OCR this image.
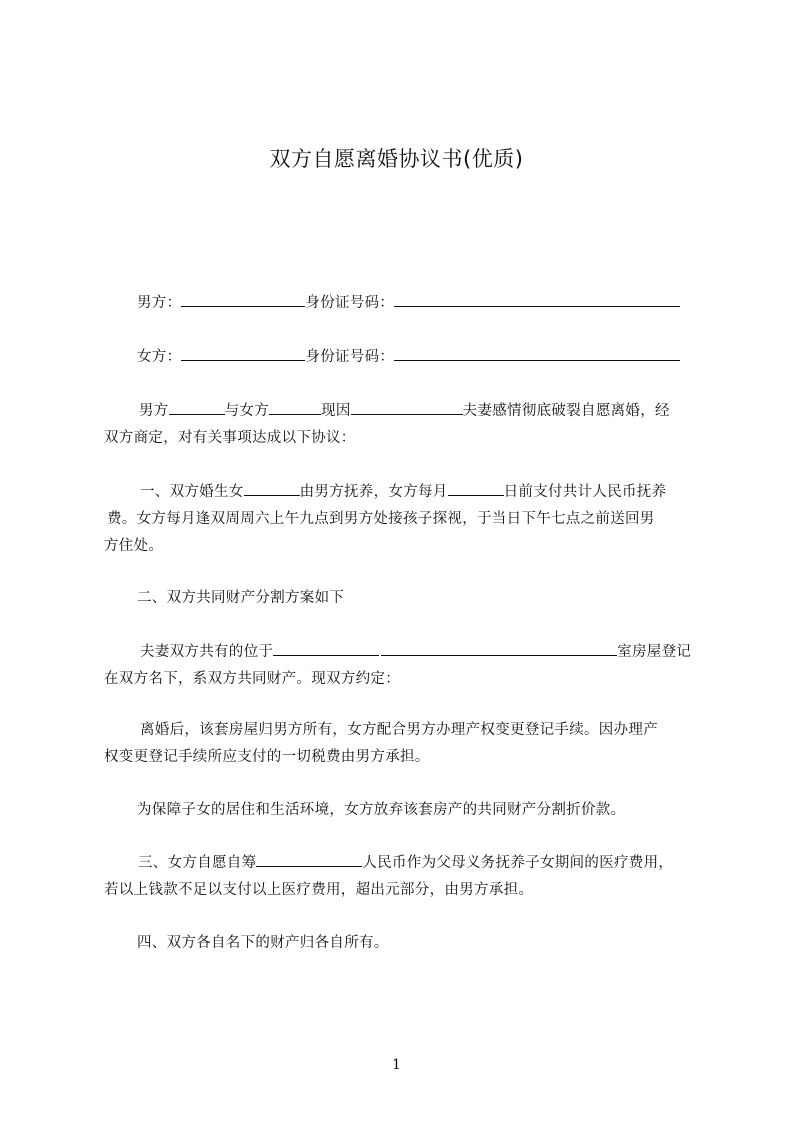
双方自愿离婚协议书(优质)
男方：	身份证号码：
女方：	身份证号码：
男方	与女方	现因	夫妻感情彻底破裂自愿离婚，经
双方商定，对有关事项达成以下协议：
一、双方婚生女	由男方抚养，女方每月	日前支付共计人民币抚养
费。女方每月逢双周周六上午九点到男方处接孩子探视，于当日下午七点之前送回男
方住处。
二、双方共同财产分割方案如下
夫妻双方共有的位于	室房屋登记
在双方名下，系双方共同财产。现双方约定：
离婚后，该套房屋归男方所有，女方配合男方办理产权变更登记手续。因办理产
权变更登记手续所应支付的一切税费由男方承担。
为保障子女的居住和生活环境，女方放弃该套房产的共同财产分割折价款。
三、女方自愿自筹	人民币作为父母义务抚养子女期间的医疗费用，
若以上钱款不足以支付以上医疗费用，超出元部分，由男方承担。
四、双方各自名下的财产归各自所有。
1
